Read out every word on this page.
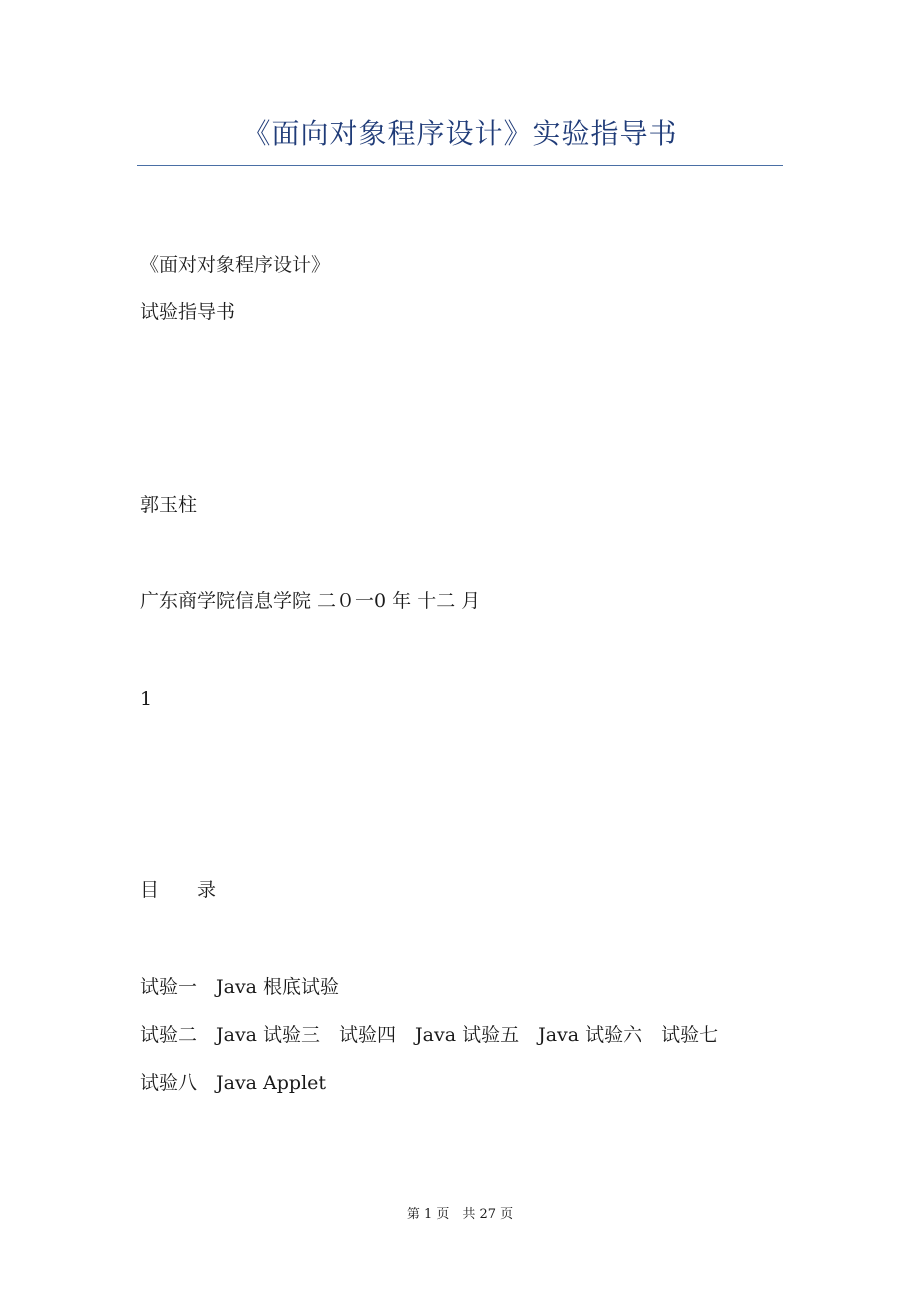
《面向对象程序设计》实验指导书
《面对对象程序设计》
试验指导书
郭玉柱
广东商学院信息学院 二０一0 年 十二 月
1
目　　录
试验一　Java 根底试验
试验二　Java 试验三　试验四　Java 试验五　Java 试验六　试验七
试验八　Java Applet
第 1 页　共 27 页
